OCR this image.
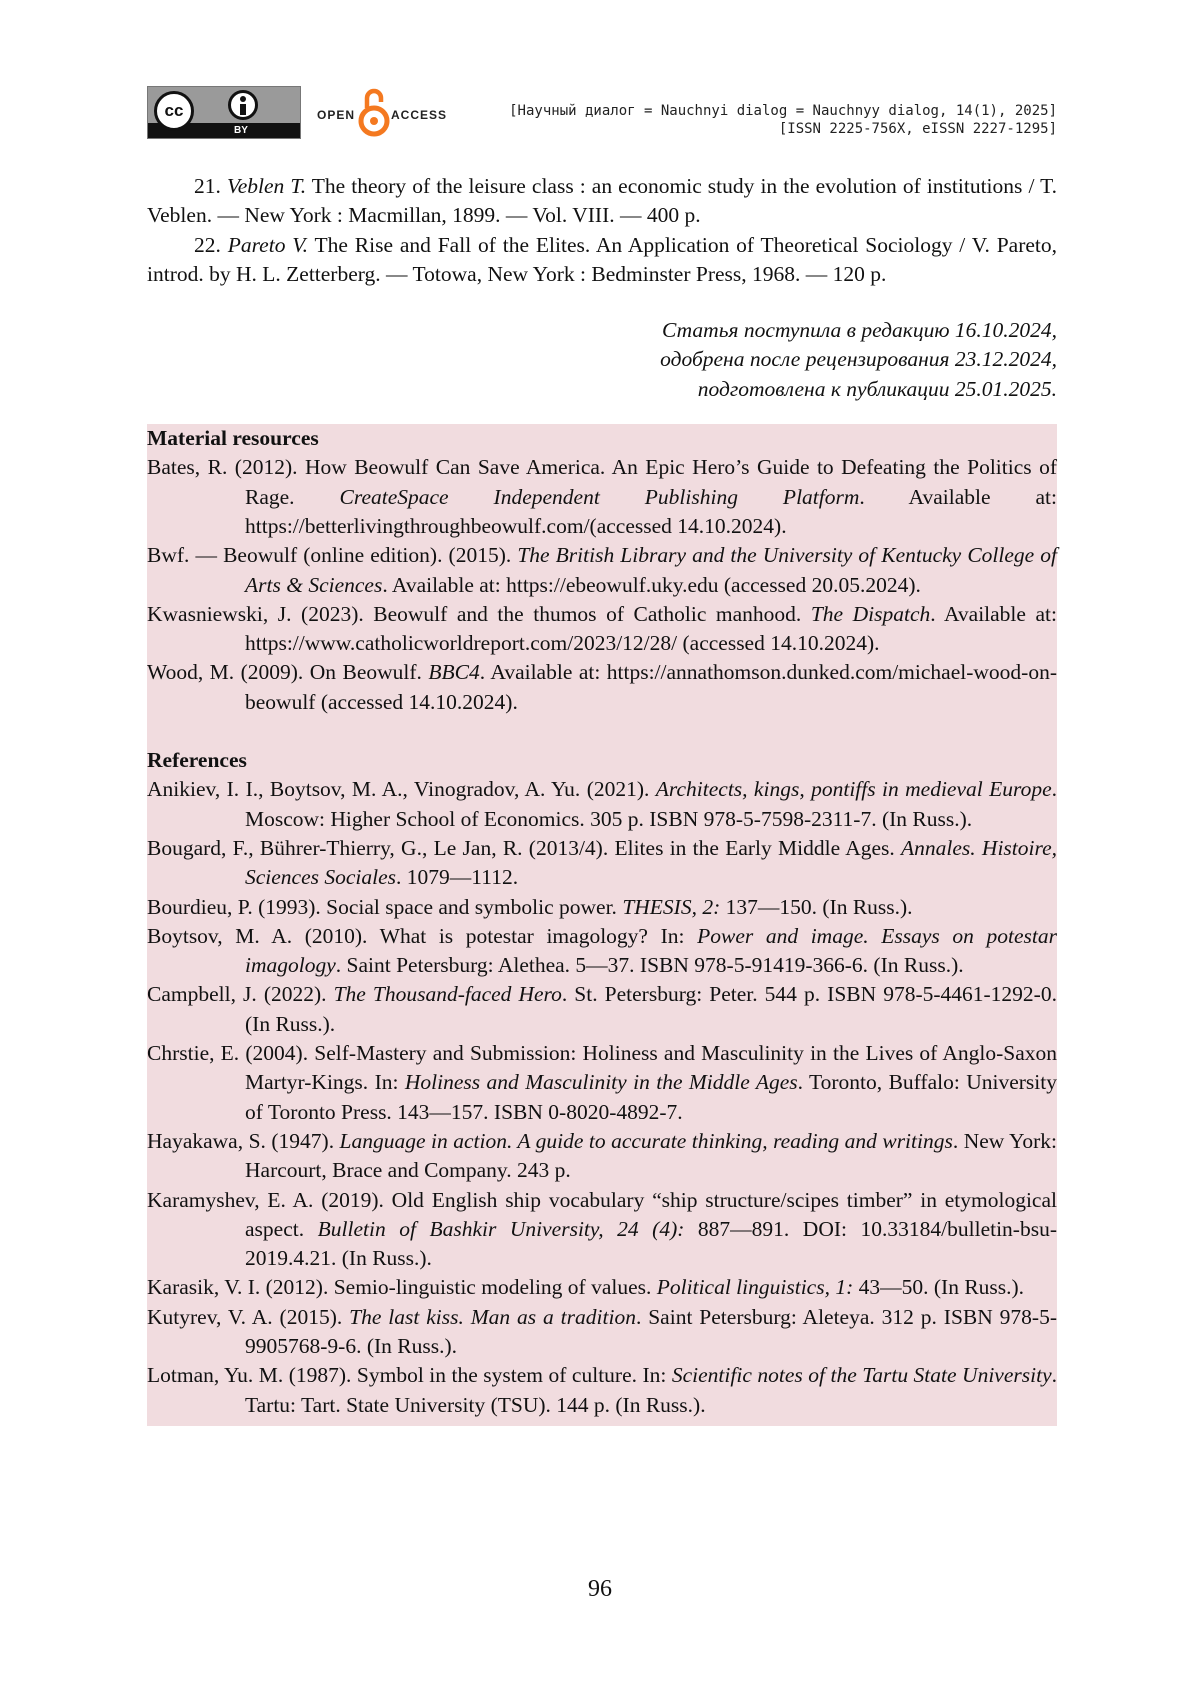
cc
BY
OPEN	ACCESS	[Научный диалог = Nauchnyi dialog = Nauchnyy dialog, 14(1), 2025]
[ISSN 2225-756X, eISSN 2227-1295]

21. Veblen T. The theory of the leisure class : an economic study in the evolution of institutions / T. Veblen. — New York : Macmillan, 1899. — Vol. VIII. — 400 p.

22. Pareto V. The Rise and Fall of the Elites. An Application of Theoretical Sociology / V. Pareto, introd. by H. L. Zetterberg. — Totowa, New York : Bedminster Press, 1968. — 120 p.

Статья поступила в редакцию 16.10.2024,
одобрена после рецензирования 23.12.2024,
подготовлена к публикации 25.01.2025.

Material resources

Bates, R. (2012). How Beowulf Can Save America. An Epic Hero’s Guide to Defeating the Politics of Rage. CreateSpace Independent Publishing Platform. Available at: https://betterlivingthroughbeowulf.com/(accessed 14.10.2024).

Bwf. — Beowulf (online edition). (2015). The British Library and the University of Kentucky College of Arts & Sciences. Available at: https://ebeowulf.uky.edu (accessed 20.05.2024).

Kwasniewski, J. (2023). Beowulf and the thumos of Catholic manhood. The Dispatch. Available at: https://www.catholicworldreport.com/2023/12/28/ (accessed 14.10.2024).

Wood, M. (2009). On Beowulf. BBC4. Available at: https://annathomson.dunked.com/michael-wood-on-beowulf (accessed 14.10.2024).

References

Anikiev, I. I., Boytsov, M. A., Vinogradov, A. Yu. (2021). Architects, kings, pontiffs in medieval Europe. Moscow: Higher School of Economics. 305 p. ISBN 978-5-7598-2311-7. (In Russ.).

Bougard, F., Bührer-Thierry, G., Le Jan, R. (2013/4). Elites in the Early Middle Ages. Annales. Histoire, Sciences Sociales. 1079—1112.

Bourdieu, P. (1993). Social space and symbolic power. THESIS, 2: 137—150. (In Russ.).

Boytsov, M. A. (2010). What is potestar imagology? In: Power and image. Essays on potestar imagology. Saint Petersburg: Alethea. 5—37. ISBN 978-5-91419-366-6. (In Russ.).

Campbell, J. (2022). The Thousand-faced Hero. St. Petersburg: Peter. 544 p. ISBN 978-5-4461-1292-0. (In Russ.).

Chrstie, E. (2004). Self-Mastery and Submission: Holiness and Masculinity in the Lives of Anglo-Saxon Martyr-Kings. In: Holiness and Masculinity in the Middle Ages. Toronto, Buffalo: University of Toronto Press. 143—157. ISBN 0-8020-4892-7.

Hayakawa, S. (1947). Language in action. A guide to accurate thinking, reading and writings. New York: Harcourt, Brace and Company. 243 p.

Karamyshev, E. A. (2019). Old English ship vocabulary “ship structure/scipes timber” in etymological aspect. Bulletin of Bashkir University, 24 (4): 887—891. DOI: 10.33184/bulletin-bsu-2019.4.21. (In Russ.).

Karasik, V. I. (2012). Semio-linguistic modeling of values. Political linguistics, 1: 43—50. (In Russ.).

Kutyrev, V. A. (2015). The last kiss. Man as a tradition. Saint Petersburg: Aleteya. 312 p. ISBN 978-5-9905768-9-6. (In Russ.).

Lotman, Yu. M. (1987). Symbol in the system of culture. In: Scientific notes of the Tartu State University. Tartu: Tart. State University (TSU). 144 p. (In Russ.).

96
